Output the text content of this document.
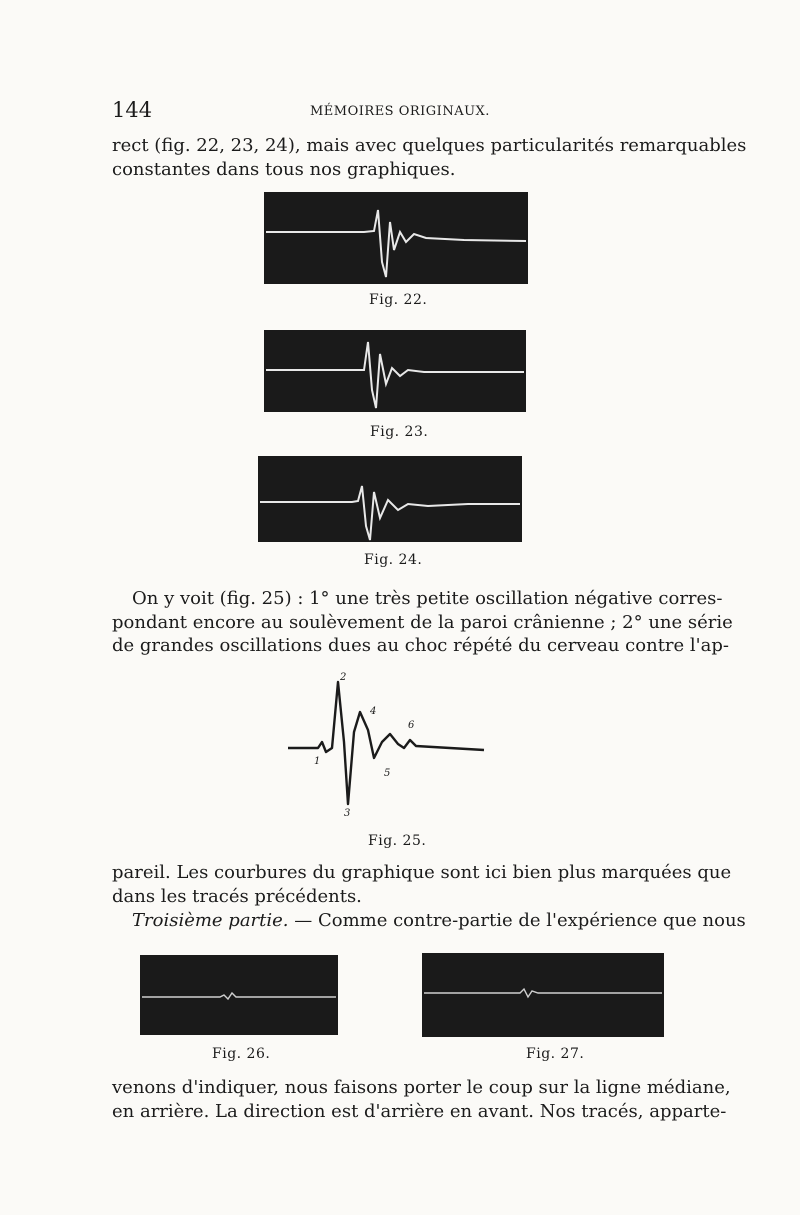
144	MÉMOIRES ORIGINAUX.
rect (fig. 22, 23, 24), mais avec quelques particularités remarquables
constantes dans tous nos graphiques.
Fig. 22.
Fig. 23.
Fig. 24.
On y voit (fig. 25) : 1° une très petite oscillation négative corres-
pondant encore au soulèvement de la paroi crânienne ; 2° une série
de grandes oscillations dues au choc répété du cerveau contre l'ap-
1
2
3
4
5
6
Fig. 25.
pareil. Les courbures du graphique sont ici bien plus marquées que
dans les tracés précédents.
Troisième partie. — Comme contre-partie de l'expérience que nous
Fig. 26.	Fig. 27.
venons d'indiquer, nous faisons porter le coup sur la ligne médiane,
en arrière. La direction est d'arrière en avant. Nos tracés, apparte-
